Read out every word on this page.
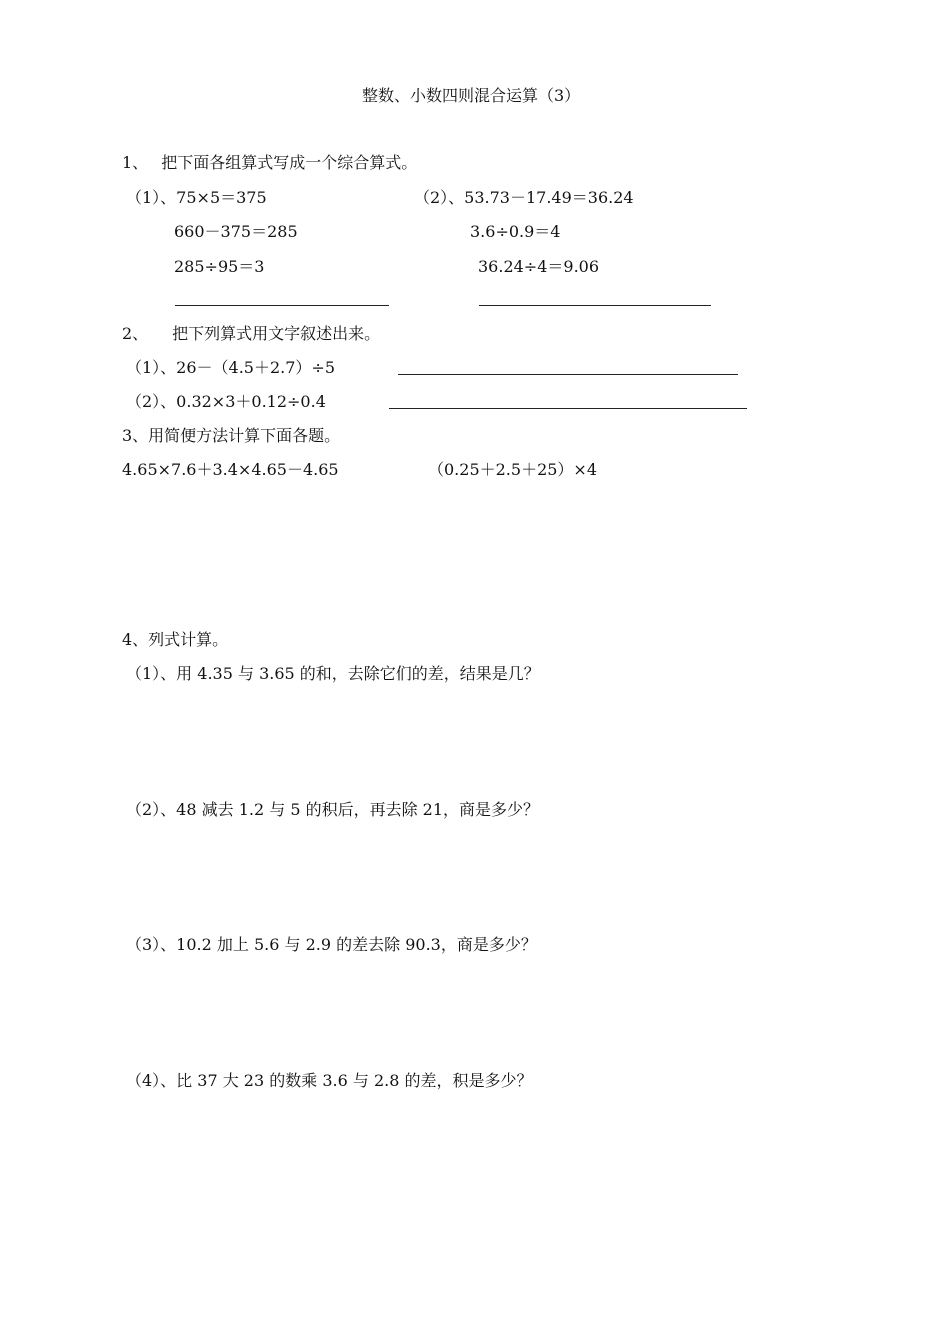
整数、小数四则混合运算（3）
1、　 把下面各组算式写成一个综合算式。
（1）、75×5＝375
660－375＝285
285÷95＝3
（2）、53.73－17.49＝36.24
3.6÷0.9＝4
36.24÷4＝9.06
2、　　把下列算式用文字叙述出来。
（1）、26－（4.5＋2.7）÷5
（2）、0.32×3＋0.12÷0.4
3、用简便方法计算下面各题。
4.65×7.6＋3.4×4.65－4.65	（0.25＋2.5＋25）×4
4、列式计算。
（1）、用 4.35 与 3.65 的和，去除它们的差，结果是几？
（2）、48 减去 1.2 与 5 的积后，再去除 21，商是多少？
（3）、10.2 加上 5.6 与 2.9 的差去除 90.3，商是多少？
（4）、比 37 大 23 的数乘 3.6 与 2.8 的差，积是多少？
